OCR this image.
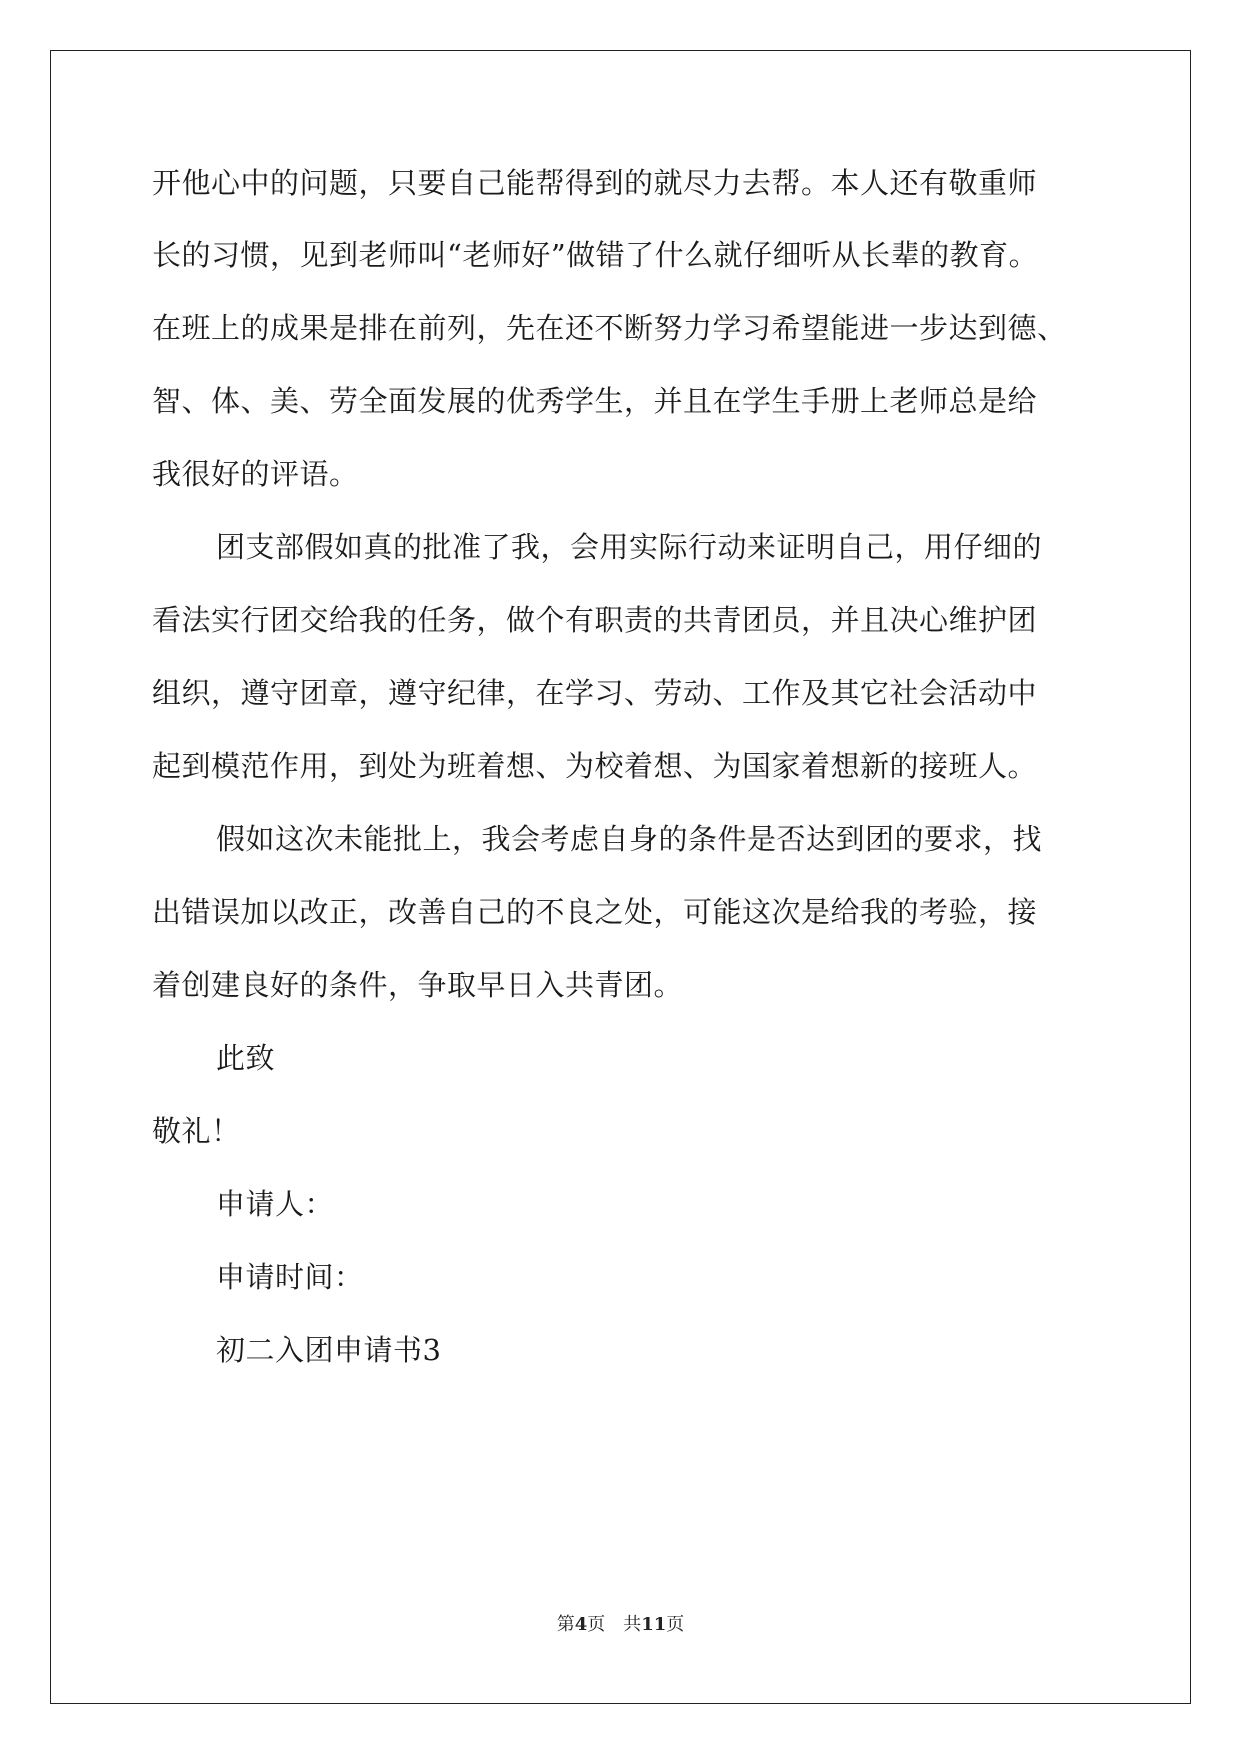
开他心中的问题，只要自己能帮得到的就尽力去帮。本人还有敬重师
长的习惯，见到老师叫“老师好”做错了什么就仔细听从长辈的教育。
在班上的成果是排在前列，先在还不断努力学习希望能进一步达到德、
智、体、美、劳全面发展的优秀学生，并且在学生手册上老师总是给
我很好的评语。
团支部假如真的批准了我，会用实际行动来证明自己，用仔细的
看法实行团交给我的任务，做个有职责的共青团员，并且决心维护团
组织，遵守团章，遵守纪律，在学习、劳动、工作及其它社会活动中
起到模范作用，到处为班着想、为校着想、为国家着想新的接班人。
假如这次未能批上，我会考虑自身的条件是否达到团的要求，找
出错误加以改正，改善自己的不良之处，可能这次是给我的考验，接
着创建良好的条件，争取早日入共青团。
此致
敬礼！
申请人：
申请时间：
初二入团申请书3
第4页　共11页
